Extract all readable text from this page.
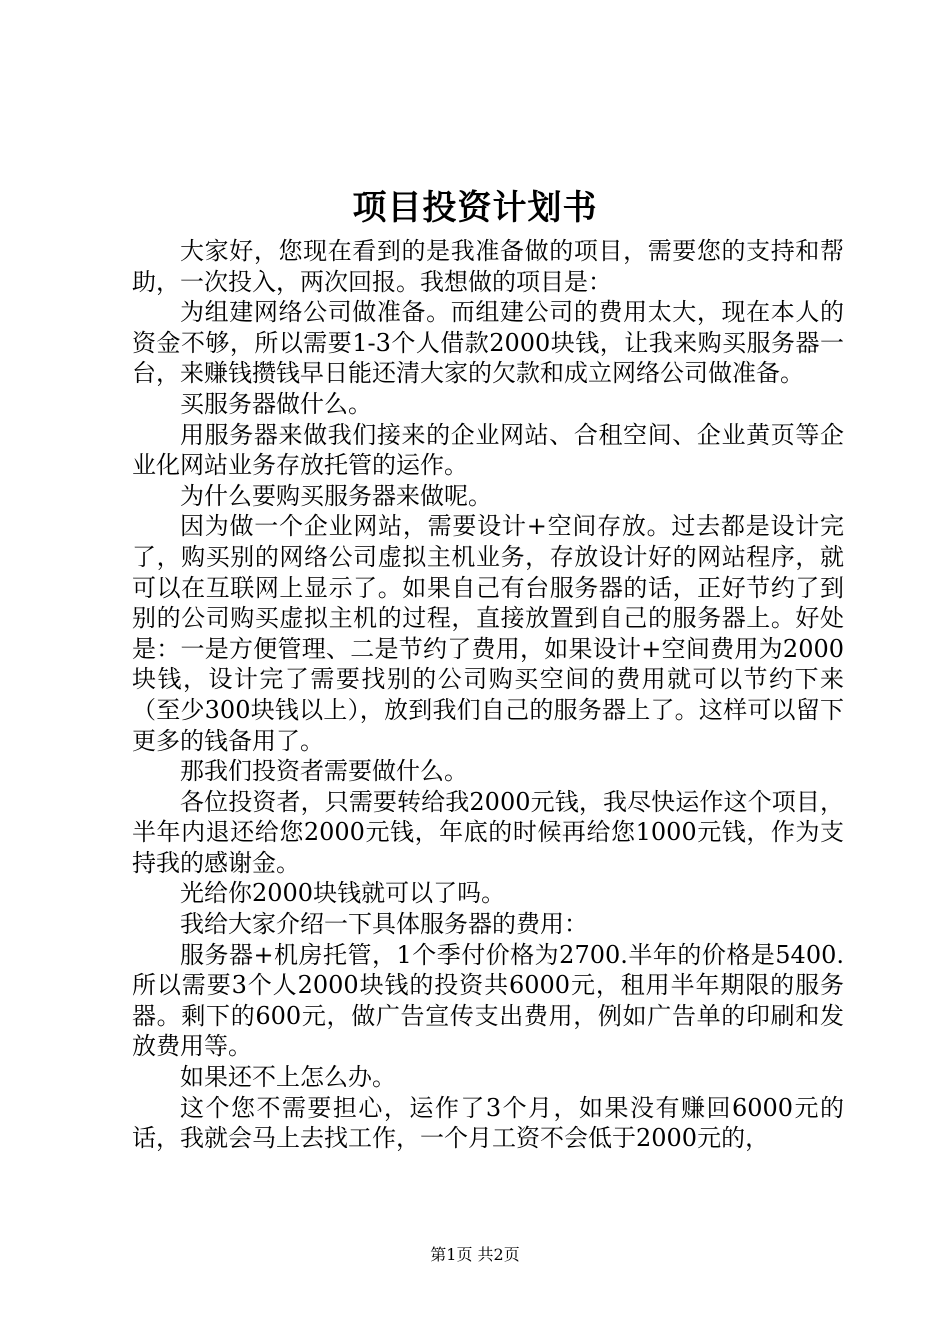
项目投资计划书

大家好，您现在看到的是我准备做的项目，需要您的支持和帮助，一次投入，两次回报。我想做的项目是：

为组建网络公司做准备。而组建公司的费用太大，现在本人的资金不够，所以需要1-3个人借款2000块钱，让我来购买服务器一台，来赚钱攒钱早日能还清大家的欠款和成立网络公司做准备。

买服务器做什么。

用服务器来做我们接来的企业网站、合租空间、企业黄页等企业化网站业务存放托管的运作。

为什么要购买服务器来做呢。

因为做一个企业网站，需要设计+空间存放。过去都是设计完了，购买别的网络公司虚拟主机业务，存放设计好的网站程序，就可以在互联网上显示了。如果自己有台服务器的话，正好节约了到别的公司购买虚拟主机的过程，直接放置到自己的服务器上。好处是：一是方便管理、二是节约了费用，如果设计+空间费用为2000块钱，设计完了需要找别的公司购买空间的费用就可以节约下来（至少300块钱以上），放到我们自己的服务器上了。这样可以留下更多的钱备用了。

那我们投资者需要做什么。

各位投资者，只需要转给我2000元钱，我尽快运作这个项目，半年内退还给您2000元钱，年底的时候再给您1000元钱，作为支持我的感谢金。

光给你2000块钱就可以了吗。

我给大家介绍一下具体服务器的费用：

服务器+机房托管，1个季付价格为2700.半年的价格是5400.所以需要3个人2000块钱的投资共6000元，租用半年期限的服务器。剩下的600元，做广告宣传支出费用，例如广告单的印刷和发放费用等。

如果还不上怎么办。

这个您不需要担心，运作了3个月，如果没有赚回6000元的话，我就会马上去找工作，一个月工资不会低于2000元的，

第1页 共2页
